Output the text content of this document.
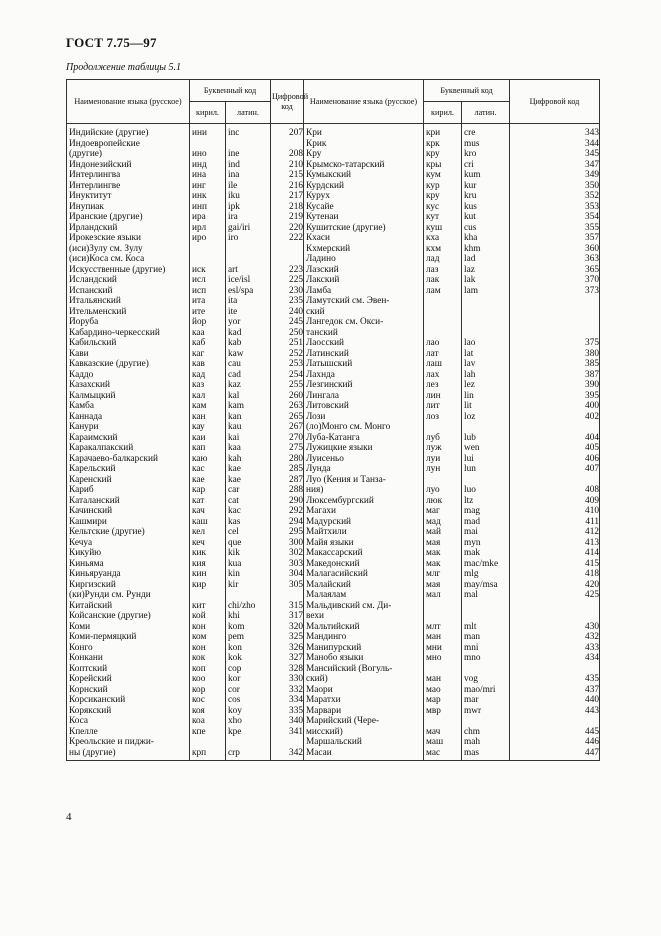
ГОСТ 7.75—97
Продолжение таблицы 5.1
Наименование языка (русское)	Буквенный код		Цифровой код	Наименование языка (русское)	Буквенный код		Цифровой код
	кирил.	латин.			кирил.	латин.	
Индийские (другие)	ини	inc	207	Кри	кри	cre	343
Индоевропейские				Крик	крк	mus	344
(другие)	ино	ine	208	Кру	кру	kro	345
Индонезийский	инд	ind	210	Крымско-татарский	кры	cri	347
Интерлингва	ина	ina	215	Кумыкский	кум	kum	349
Интерлингве	инг	ile	216	Курдский	кур	kur	350
Инуктитут	инк	iku	217	Курух	кру	kru	352
Инупиак	инп	ipk	218	Кусайе	кус	kus	353
Иранские (другие)	ира	ira	219	Кутенаи	кут	kut	354
Ирландский	ирл	gai/iri	220	Кушитские (другие)	куш	cus	355
Ирокезские языки	иро	iro	222	Кхаси	кха	kha	357
(иси)Зулу см. Зулу				Кхмерский	кхм	khm	360
(иси)Коса см. Коса				Ладино	лад	lad	363
Искусственные (другие)	иск	art	223	Лазский	лаз	laz	365
Исландский	исл	ice/isl	225	Лакский	лак	lak	370
Испанский	исп	esl/spa	230	Ламба	лам	lam	373
Итальянский	ита	ita	235	Ламутский см. Эвен-			
Ительменский	ите	ite	240	ский			
Йоруба	йор	yor	245	Лангедок см. Окси-			
Кабардино-черкесский	каа	kad	250	танский			
Кабильский	каб	kab	251	Лаосский	лао	lao	375
Кави	каг	kaw	252	Латинский	лат	lat	380
Кавказские (другие)	кав	cau	253	Латышский	лаш	lav	385
Каддо	кад	cad	254	Лахнда	лах	lah	387
Казахский	каз	kaz	255	Лезгинский	лез	lez	390
Калмыцкий	кал	kal	260	Лингала	лин	lin	395
Камба	кам	kam	263	Литовский	лит	lit	400
Каннада	кан	kan	265	Лози	лоз	loz	402
Канури	кау	kau	267	(лo)Монго см. Монго			
Караимский	каи	kai	270	Луба-Катанга	луб	lub	404
Каракалпакский	кап	kaa	275	Лужицкие языки	луж	wen	405
Карачаево-балкарский	каю	kah	280	Луисеньо	луи	lui	406
Карельский	кас	kae	285	Лунда	лун	lun	407
Каренский	кае	kae	287	Луо (Кения и Танза-			
Кариб	кар	car	288	ния)	луо	luo	408
Каталанский	кат	cat	290	Люксембургский	люк	ltz	409
Качинский	кач	kac	292	Магахи	маг	mag	410
Кашмири	каш	kas	294	Мадурский	мад	mad	411
Кельтские (другие)	кел	cel	295	Майтхили	май	mai	412
Кечуа	кеч	que	300	Майя языки	мая	myn	413
Кикуйю	кик	kik	302	Макассарский	мак	mak	414
Киньяма	кия	kua	303	Македонский	мак	mac/mke	415
Киньяруанда	кин	kin	304	Малагасийский	млг	mlg	418
Киргизский	кир	kir	305	Малайский	мая	may/msa	420
(ки)Рунди см. Рунди				Малаялам	мал	mal	425
Китайский	кит	chi/zho	315	Мальдивский см. Ди-			
Койсанские (другие)	кой	khi	317	вехи			
Коми	кон	kom	320	Мальтийский	млт	mlt	430
Коми-пермяцкий	ком	pem	325	Мандинго	ман	man	432
Конго	кон	kon	326	Манипурский	мни	mni	433
Конкани	кок	kok	327	Манобо языки	мно	mno	434
Коптский	коп	cop	328	Мансийский (Вогуль-			
Корейский	коо	kor	330	ский)	ман	vog	435
Корнский	кор	cor	332	Маори	мао	mao/mri	437
Корсиканский	кос	cos	334	Маратхи	мар	mar	440
Корякский	коя	koy	335	Марвари	мвр	mwr	443
Коса	коа	xho	340	Марийский (Чере-			
Кпелле	кпе	kpe	341	мисский)	мач	chm	445
Креольские и пиджи-				Маршальский	маш	mah	446
ны (другие)	крп	crp	342	Масаи	мас	mas	447
4
